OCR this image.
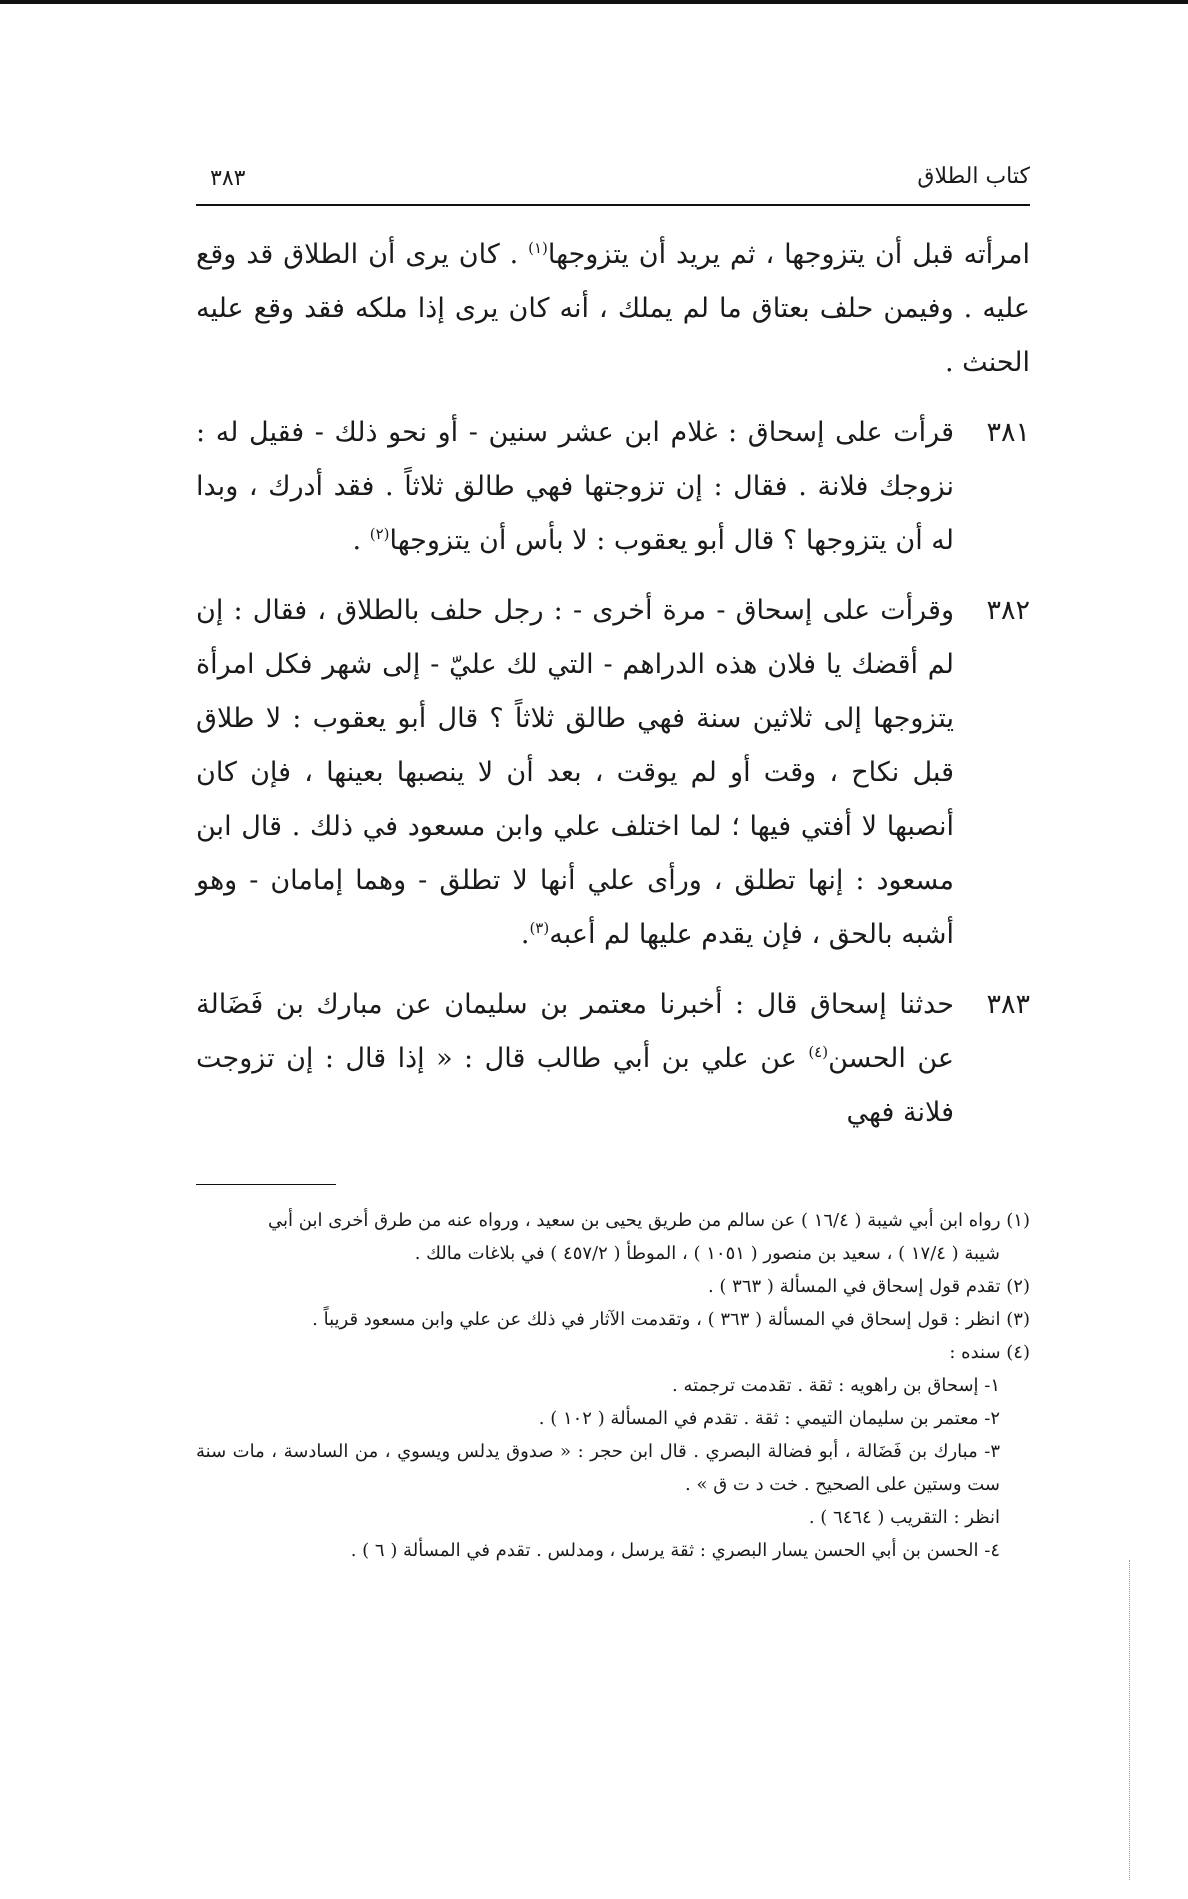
كتاب الطلاق
٣٨٣

امرأته قبل أن يتزوجها ، ثم يريد أن يتزوجها$^{(١)}$ . كان يرى أن الطلاق قد وقع عليه . وفيمن حلف بعتاق ما لم يملك ، أنه كان يرى إذا ملكه فقد وقع عليه الحنث .

٣٨١
قرأت على إسحاق : غلام ابن عشر سنين - أو نحو ذلك - فقيل له : نزوجك فلانة . فقال : إن تزوجتها فهي طالق ثلاثاً . فقد أدرك ، وبدا له أن يتزوجها ؟ قال أبو يعقوب : لا بأس أن يتزوجها$^{(٢)}$ .
٣٨٢
وقرأت على إسحاق - مرة أخرى - : رجل حلف بالطلاق ، فقال : إن لم أقضك يا فلان هذه الدراهم - التي لك عليّ - إلى شهر فكل امرأة يتزوجها إلى ثلاثين سنة فهي طالق ثلاثاً ؟ قال أبو يعقوب : لا طلاق قبل نكاح ، وقت أو لم يوقت ، بعد أن لا ينصبها بعينها ، فإن كان أنصبها لا أفتي فيها ؛ لما اختلف علي وابن مسعود في ذلك . قال ابن مسعود : إنها تطلق ، ورأى علي أنها لا تطلق - وهما إمامان - وهو أشبه بالحق ، فإن يقدم عليها لم أعبه$^{(٣)}$.
٣٨٣
حدثنا إسحاق قال : أخبرنا معتمر بن سليمان عن مبارك بن فَضَالة عن الحسن$^{(٤)}$ عن علي بن أبي طالب قال : « إذا قال : إن تزوجت فلانة فهي

(١) رواه ابن أبي شيبة ( ١٦/٤ ) عن سالم من طريق يحيى بن سعيد ، ورواه عنه من طرق أخرى ابن أبي

شيبة ( ١٧/٤ ) ، سعيد بن منصور ( ١٠٥١ ) ، الموطأ ( ٤٥٧/٢ ) في بلاغات مالك .

(٢) تقدم قول إسحاق في المسألة ( ٣٦٣ ) .

(٣) انظر : قول إسحاق في المسألة ( ٣٦٣ ) ، وتقدمت الآثار في ذلك عن علي وابن مسعود قريباً .

(٤) سنده :

١- إسحاق بن راهويه : ثقة . تقدمت ترجمته .

٢- معتمر بن سليمان التيمي : ثقة . تقدم في المسألة ( ١٠٢ ) .

٣- مبارك بن فَضَالة ، أبو فضالة البصري . قال ابن حجر : « صدوق يدلس ويسوي ، من السادسة ، مات سنة ست وستين على الصحيح . خت د ت ق » .

انظر : التقريب ( ٦٤٦٤ ) .

٤- الحسن بن أبي الحسن يسار البصري : ثقة يرسل ، ومدلس . تقدم في المسألة ( ٦ ) .
